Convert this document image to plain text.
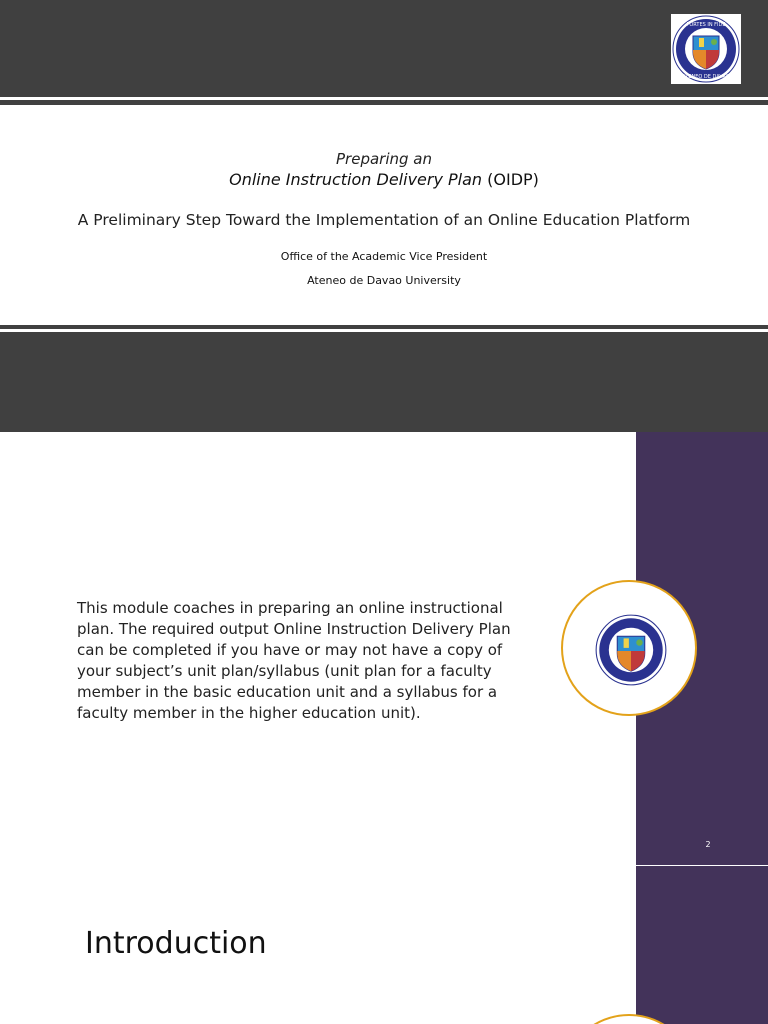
FORTES IN FIDE
ATENEO DE DAVAO
Preparing an
Online Instruction Delivery Plan (OIDP)
A Preliminary Step Toward the Implementation of an Online Education Platform
Office of the Academic Vice President
Ateneo de Davao University
This module coaches in preparing an online instructional plan. The required output Online Instruction Delivery Plan can be completed if you have or may not have a copy of your subject’s unit plan/syllabus (unit plan for a faculty member in the basic education unit and a syllabus for a faculty member in the higher education unit).
2
Introduction
